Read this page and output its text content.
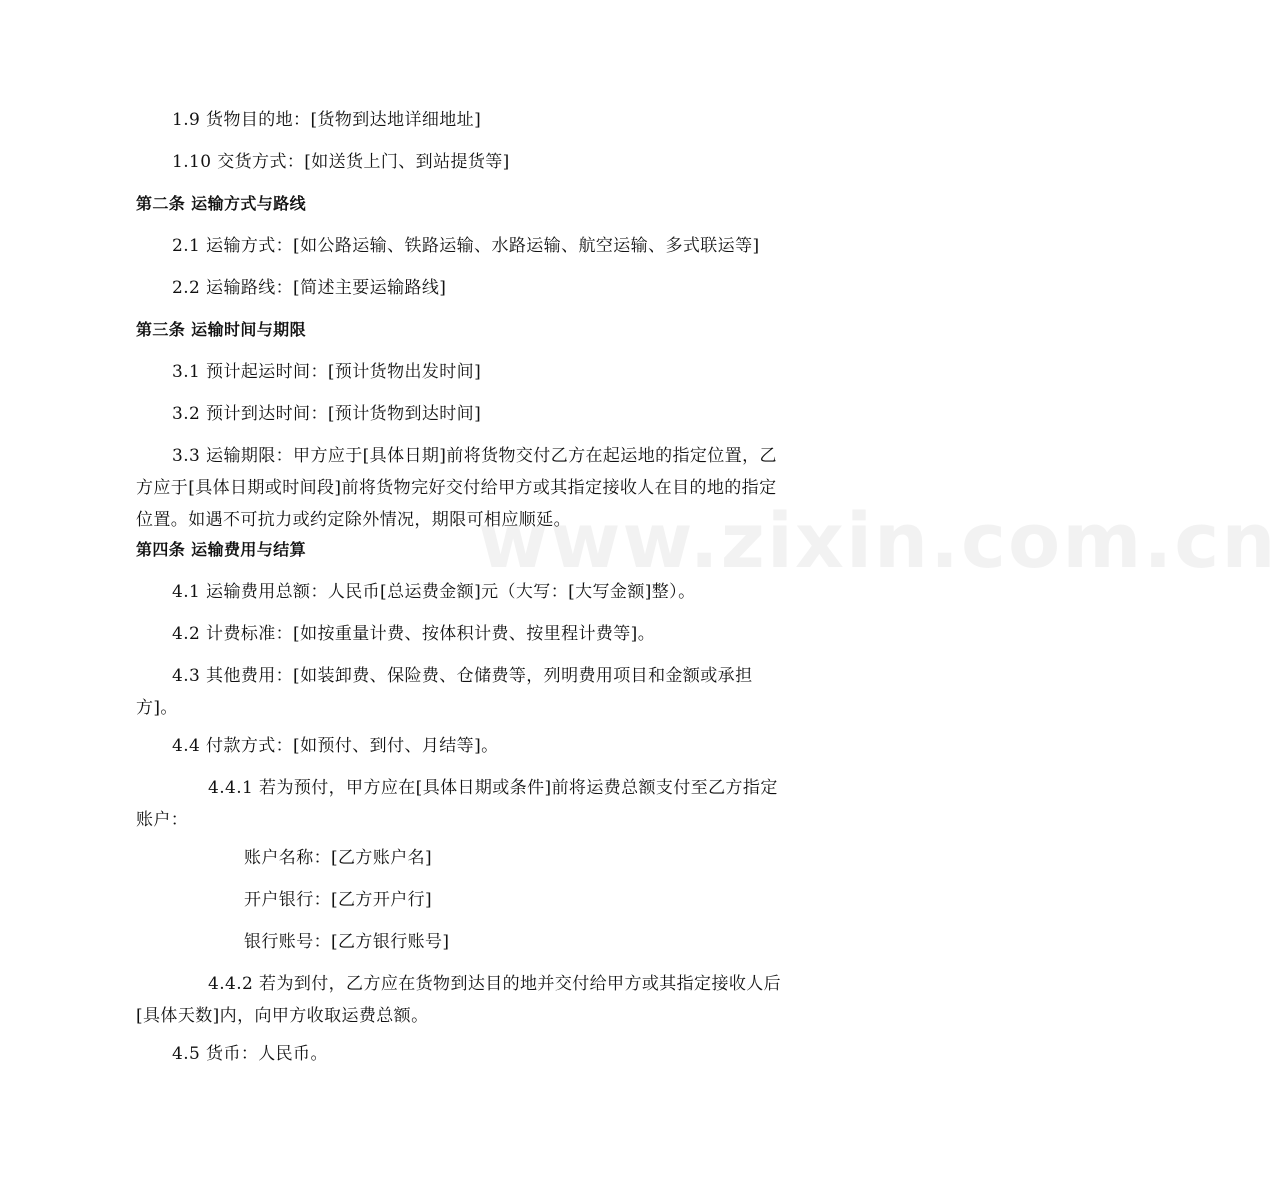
www.zixin.com.cn
1.9 货物目的地：[货物到达地详细地址]
1.10 交货方式：[如送货上门、到站提货等]
第二条 运输方式与路线
2.1 运输方式：[如公路运输、铁路运输、水路运输、航空运输、多式联运等]
2.2 运输路线：[简述主要运输路线]
第三条 运输时间与期限
3.1 预计起运时间：[预计货物出发时间]
3.2 预计到达时间：[预计货物到达时间]
3.3 运输期限：甲方应于[具体日期]前将货物交付乙方在起运地的指定位置，乙方应于[具体日期或时间段]前将货物完好交付给甲方或其指定接收人在目的地的指定位置。如遇不可抗力或约定除外情况，期限可相应顺延。
第四条 运输费用与结算
4.1 运输费用总额：人民币[总运费金额]元（大写：[大写金额]整）。
4.2 计费标准：[如按重量计费、按体积计费、按里程计费等]。
4.3 其他费用：[如装卸费、保险费、仓储费等，列明费用项目和金额或承担方]。
4.4 付款方式：[如预付、到付、月结等]。
4.4.1 若为预付，甲方应在[具体日期或条件]前将运费总额支付至乙方指定账户：
账户名称：[乙方账户名]
开户银行：[乙方开户行]
银行账号：[乙方银行账号]
4.4.2 若为到付，乙方应在货物到达目的地并交付给甲方或其指定接收人后[具体天数]内，向甲方收取运费总额。
4.5 货币：人民币。
